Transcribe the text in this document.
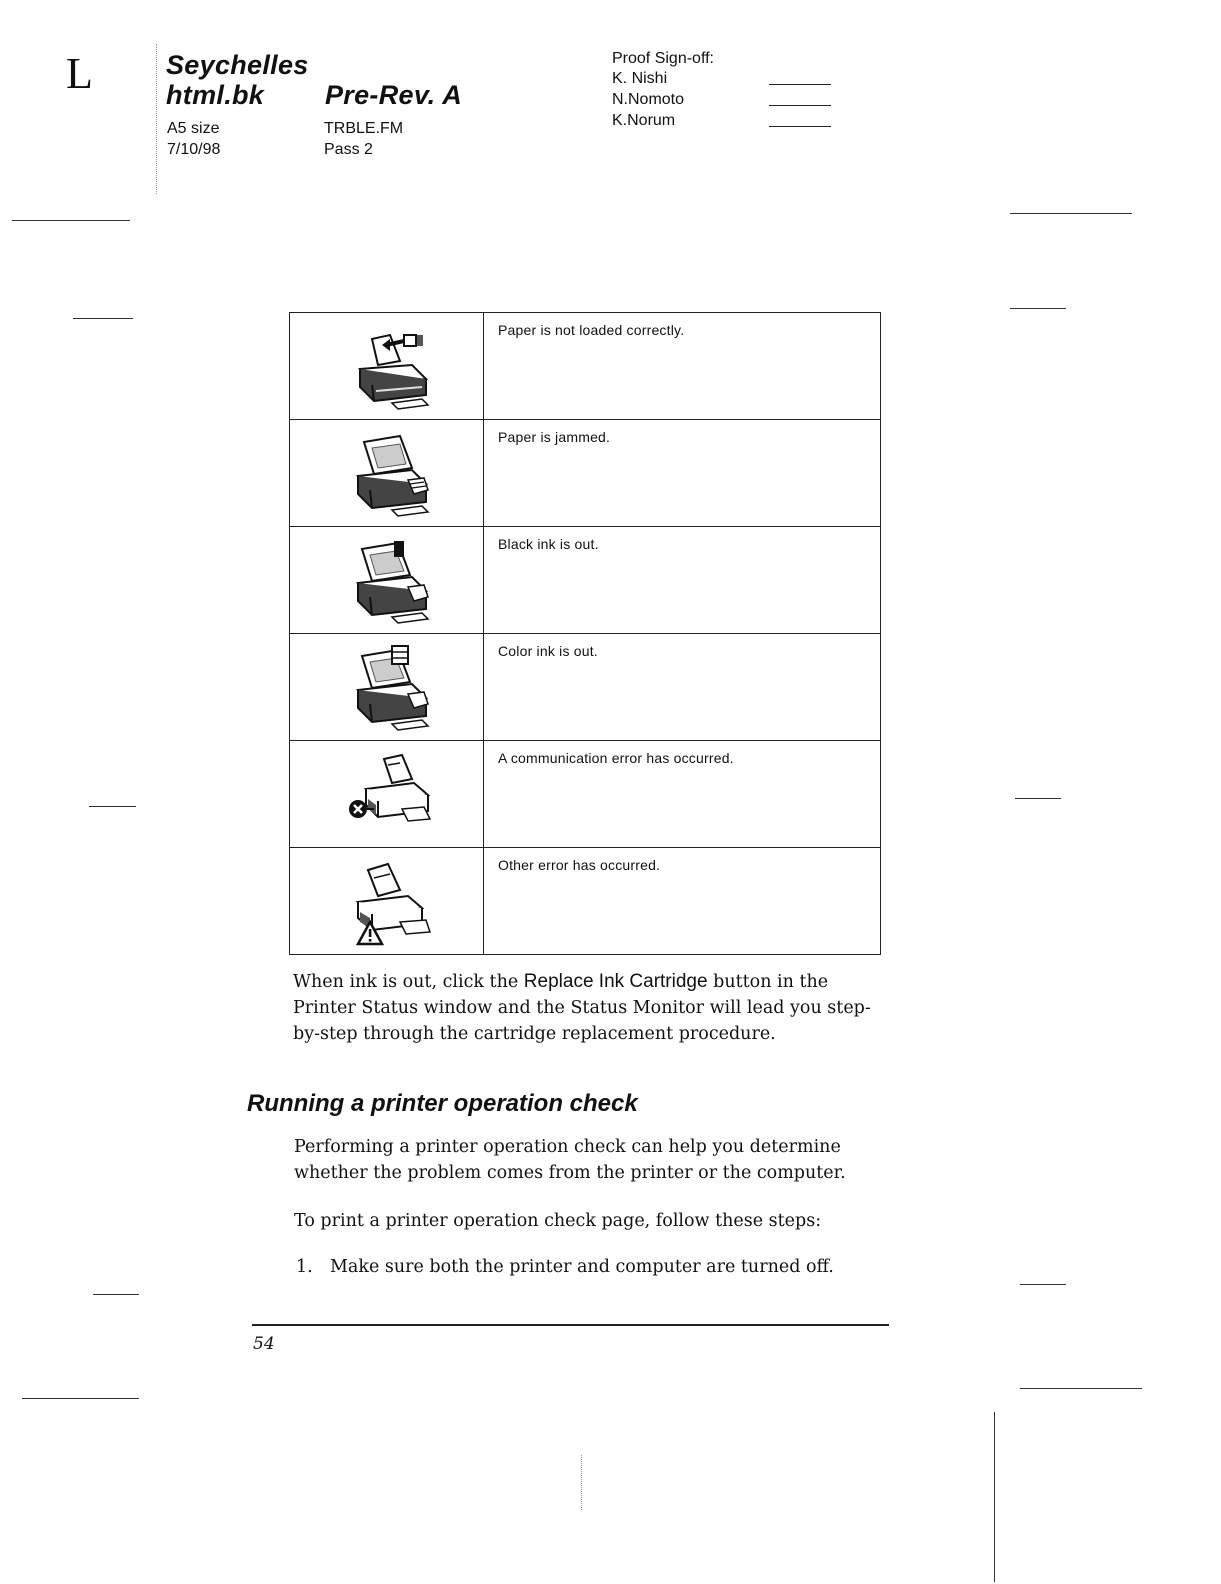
L	Seychelles
html.bk Pre-Rev. A
A5 size
7/10/98
TRBLE.FM
Pass 2
Proof Sign-off:
K. Nishi
N.Nomoto
K.Norum
	Paper is not loaded correctly.

	Paper is jammed.

	Black ink is out.

	Color ink is out.

	A communication error has occurred.

	Other error has occurred.

When ink is out, click the Replace Ink Cartridge button in the Printer Status window and the Status Monitor will lead you step-by-step through the cartridge replacement procedure.

Running a printer operation check

Performing a printer operation check can help you determine whether the problem comes from the printer or the computer.

To print a printer operation check page, follow these steps:

1. Make sure both the printer and computer are turned off.
54
